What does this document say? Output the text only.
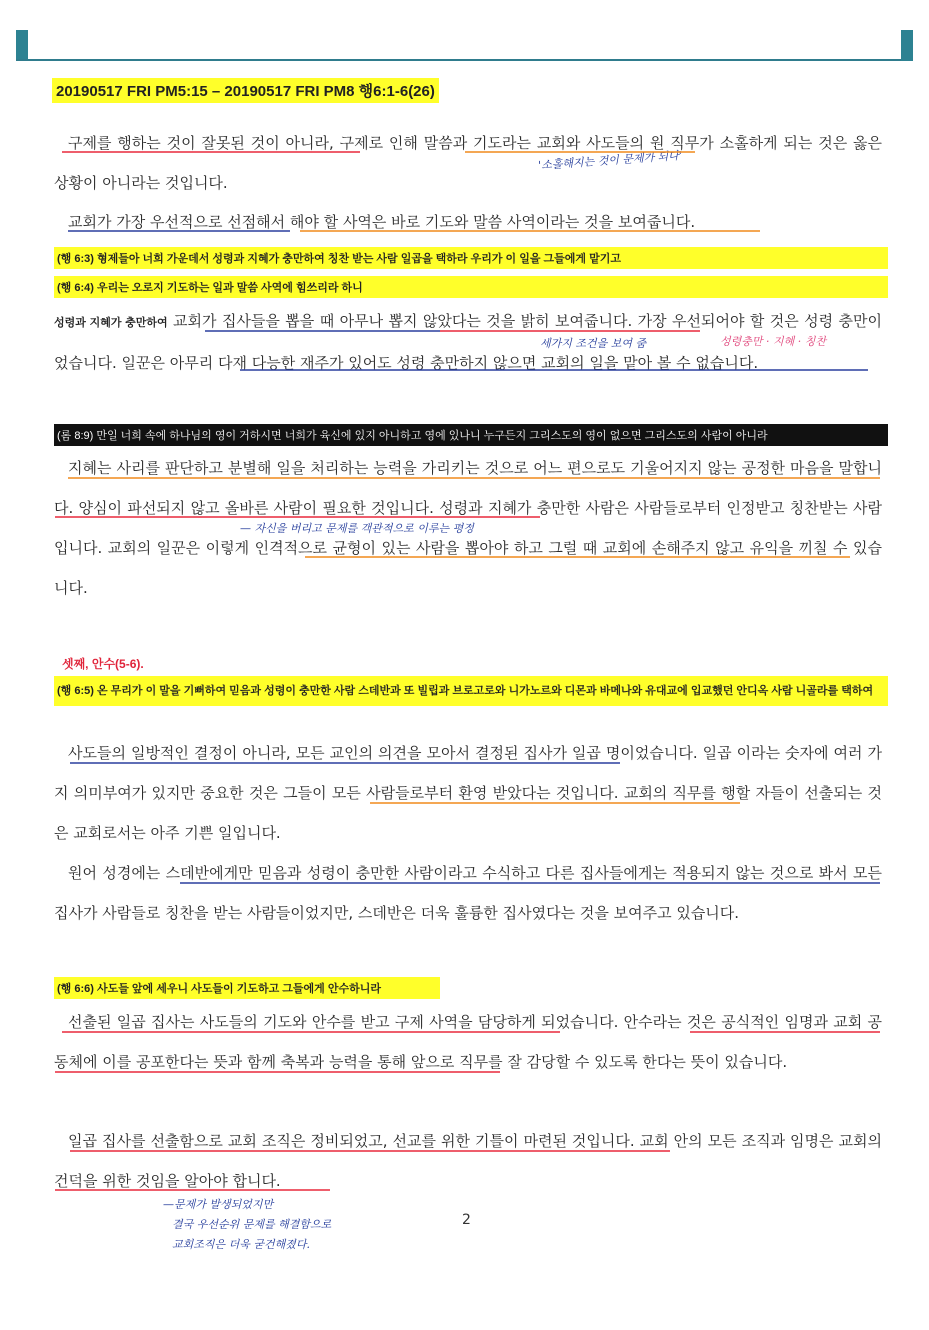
20190517 FRI PM5:15 – 20190517 FRI PM8 행6:1-6(26)
구제를 행하는 것이 잘못된 것이 아니라, 구제로 인해 말씀과 기도라는 교회와 사도들의 원 직무가 소홀하게 되는 것은 옳은 상황이 아니라는 것입니다.
교회가 가장 우선적으로 선점해서 해야 할 사역은 바로 기도와 말씀 사역이라는 것을 보여줍니다.
(행 6:3) 형제들아 너희 가운데서 성령과 지혜가 충만하여 칭찬 받는 사람 일곱을 택하라 우리가 이 일을 그들에게 맡기고
(행 6:4) 우리는 오로지 기도하는 일과 말씀 사역에 힘쓰리라 하니
성령과 지혜가 충만하여 교회가 집사들을 뽑을 때 아무나 뽑지 않았다는 것을 밝히 보여줍니다. 가장 우선되어야 할 것은 성령 충만이었습니다. 일꾼은 아무리 다재 다능한 재주가 있어도 성령 충만하지 않으면 교회의 일을 맡아 볼 수 없습니다.
(롬 8:9) 만일 너희 속에 하나님의 영이 거하시면 너희가 육신에 있지 아니하고 영에 있나니 누구든지 그리스도의 영이 없으면 그리스도의 사람이 아니라
지혜는 사리를 판단하고 분별해 일을 처리하는 능력을 가리키는 것으로 어느 편으로도 기울어지지 않는 공정한 마음을 말합니다. 양심이 파선되지 않고 올바른 사람이 필요한 것입니다. 성령과 지혜가 충만한 사람은 사람들로부터 인정받고 칭찬받는 사람입니다. 교회의 일꾼은 이렇게 인격적으로 균형이 있는 사람을 뽑아야 하고 그럴 때 교회에 손해주지 않고 유익을 끼칠 수 있습니다.
셋째, 안수(5-6).
(행 6:5) 온 무리가 이 말을 기뻐하여 믿음과 성령이 충만한 사람 스데반과 또 빌립과 브로고로와 니가노르와 디몬과 바메나와 유대교에 입교했던 안디옥 사람 니골라를 택하여
사도들의 일방적인 결정이 아니라, 모든 교인의 의견을 모아서 결정된 집사가 일곱 명이었습니다. 일곱 이라는 숫자에 여러 가지 의미부여가 있지만 중요한 것은 그들이 모든 사람들로부터 환영 받았다는 것입니다. 교회의 직무를 행할 자들이 선출되는 것은 교회로서는 아주 기쁜 일입니다.
원어 성경에는 스데반에게만 믿음과 성령이 충만한 사람이라고 수식하고 다른 집사들에게는 적용되지 않는 것으로 봐서 모든 집사가 사람들로 칭찬을 받는 사람들이었지만, 스데반은 더욱 훌륭한 집사였다는 것을 보여주고 있습니다.
(행 6:6) 사도들 앞에 세우니 사도들이 기도하고 그들에게 안수하니라
선출된 일곱 집사는 사도들의 기도와 안수를 받고 구제 사역을 담당하게 되었습니다. 안수라는 것은 공식적인 임명과 교회 공동체에 이를 공포한다는 뜻과 함께 축복과 능력을 통해 앞으로 직무를 잘 감당할 수 있도록 한다는 뜻이 있습니다.
일곱 집사를 선출함으로 교회 조직은 정비되었고, 선교를 위한 기틀이 마련된 것입니다. 교회 안의 모든 조직과 임명은 교회의 건덕을 위한 것임을 알아야 합니다.
'소홀해지는 것이 문제가 되다'
세가지 조건을 보여 줌	성령충만 · 지혜 · 칭찬
— 자신을 버리고 문제를 객관적으로 이루는 평정
—문제가 발생되었지만
결국 우선순위 문제를 해결함으로
교회조직은 더욱 굳건해졌다.
2
